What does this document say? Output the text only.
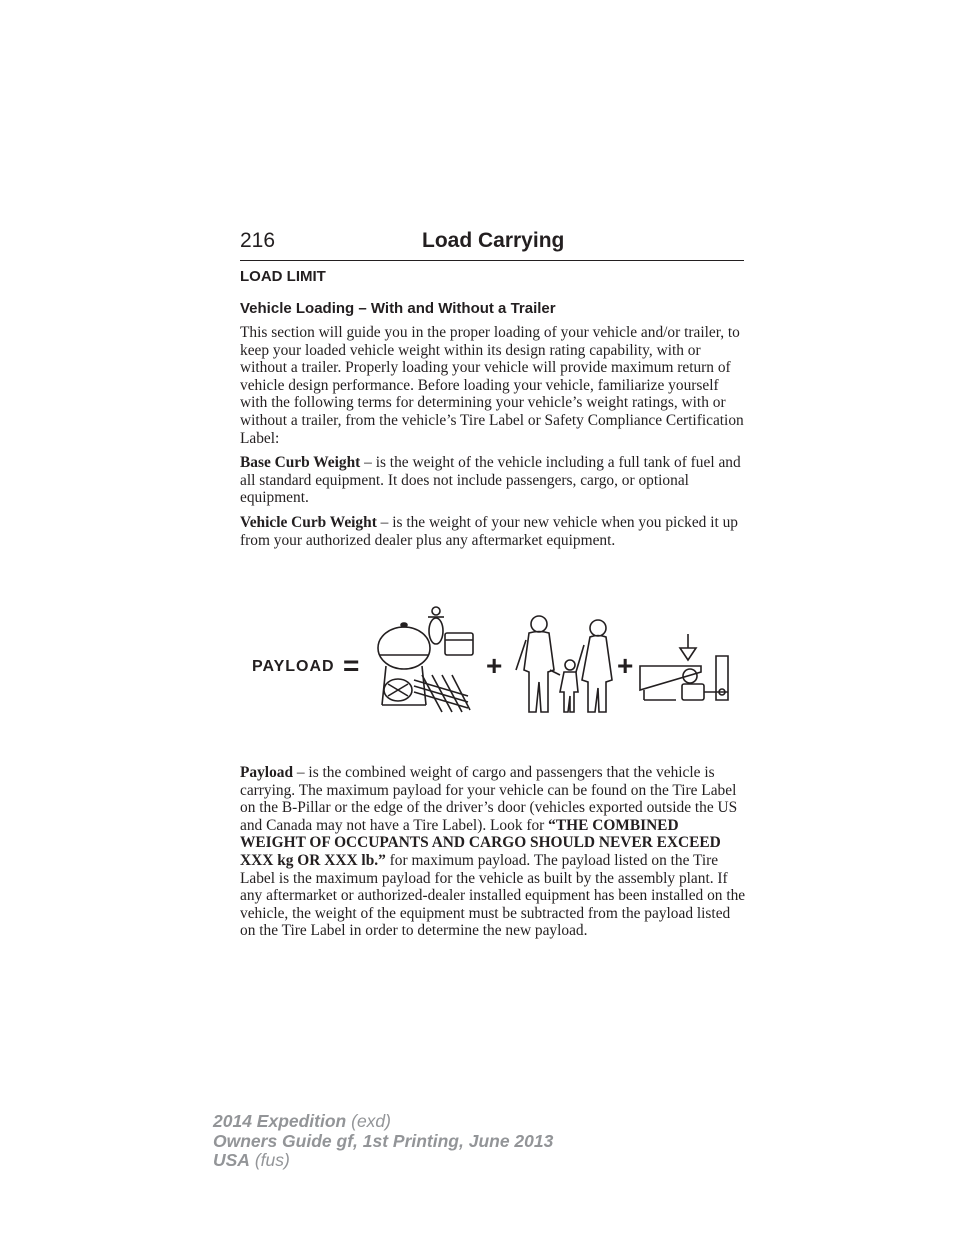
216	Load Carrying
LOAD LIMIT
Vehicle Loading – With and Without a Trailer

This section will guide you in the proper loading of your vehicle and/or trailer, to keep your loaded vehicle weight within its design rating capability, with or without a trailer. Properly loading your vehicle will provide maximum return of vehicle design performance. Before loading your vehicle, familiarize yourself with the following terms for determining your vehicle’s weight ratings, with or without a trailer, from the vehicle’s Tire Label or Safety Compliance Certification Label:

Base Curb Weight – is the weight of the vehicle including a full tank of fuel and all standard equipment. It does not include passengers, cargo, or optional equipment.

Vehicle Curb Weight – is the weight of your new vehicle when you picked it up from your authorized dealer plus any aftermarket equipment.

PAYLOAD =	+	+

Payload – is the combined weight of cargo and passengers that the vehicle is carrying. The maximum payload for your vehicle can be found on the Tire Label on the B-Pillar or the edge of the driver’s door (vehicles exported outside the US and Canada may not have a Tire Label). Look for “THE COMBINED WEIGHT OF OCCUPANTS AND CARGO SHOULD NEVER EXCEED XXX kg OR XXX lb.” for maximum payload. The payload listed on the Tire Label is the maximum payload for the vehicle as built by the assembly plant. If any aftermarket or authorized-dealer installed equipment has been installed on the vehicle, the weight of the equipment must be subtracted from the payload listed on the Tire Label in order to determine the new payload.

2014 Expedition (exd)
Owners Guide gf, 1st Printing, June 2013
USA (fus)
